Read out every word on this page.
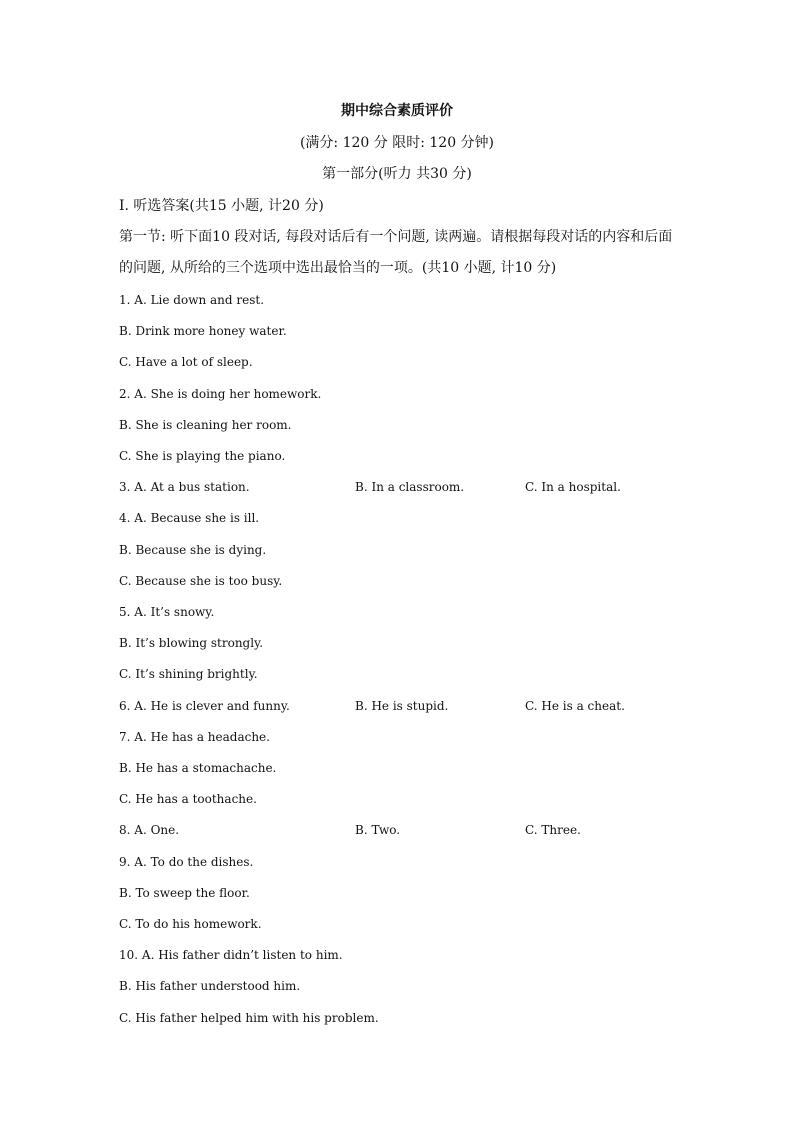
期中综合素质评价
(满分: 120 分 限时: 120 分钟)
第一部分(听力 共30 分)
I. 听选答案(共15 小题, 计20 分)
第一节: 听下面10 段对话, 每段对话后有一个问题, 读两遍。请根据每段对话的内容和后面
的问题, 从所给的三个选项中选出最恰当的一项。(共10 小题, 计10 分)
1. A. Lie down and rest.
B. Drink more honey water.
C. Have a lot of sleep.
2. A. She is doing her homework.
B. She is cleaning her room.
C. She is playing the piano.
3. A. At a bus station.	B. In a classroom.	C. In a hospital.
4. A. Because she is ill.
B. Because she is dying.
C. Because she is too busy.
5. A. It’s snowy.
B. It’s blowing strongly.
C. It’s shining brightly.
6. A. He is clever and funny.	B. He is stupid.	C. He is a cheat.
7. A. He has a headache.
B. He has a stomachache.
C. He has a toothache.
8. A. One.	B. Two.	C. Three.
9. A. To do the dishes.
B. To sweep the floor.
C. To do his homework.
10. A. His father didn’t listen to him.
B. His father understood him.
C. His father helped him with his problem.
